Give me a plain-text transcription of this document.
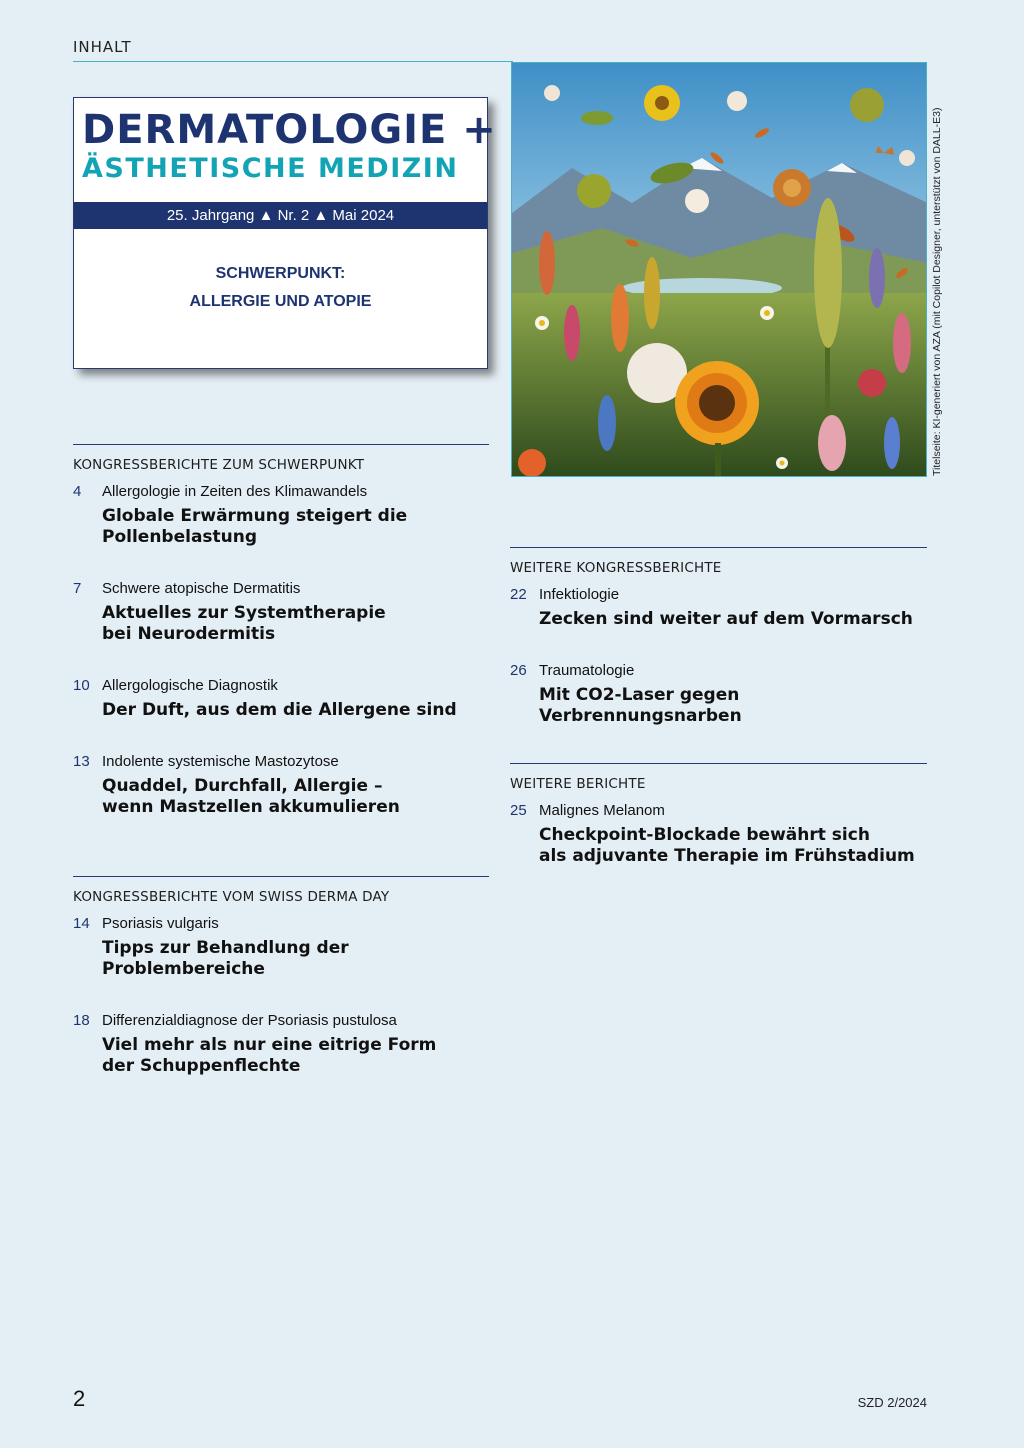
INHALT
DERMATOLOGIE +
ÄSTHETISCHE MEDIZIN
25. Jahrgang ▲ Nr. 2 ▲ Mai 2024
SCHWERPUNKT:
ALLERGIE UND ATOPIE	Titelseite: KI-generiert von AZA (mit Copilot Designer, unterstützt von DALL-E3)
KONGRESSBERICHTE ZUM SCHWERPUNKT
4 Allergologie in Zeiten des Klimawandels
Globale Erwärmung steigert die
Pollenbelastung
7 Schwere atopische Dermatitis
Aktuelles zur Systemtherapie
bei Neurodermitis
10 Allergologische Diagnostik
Der Duft, aus dem die Allergene sind
13 Indolente systemische Mastozytose
Quaddel, Durchfall, Allergie –
wenn Mastzellen akkumulieren
KONGRESSBERICHTE VOM SWISS DERMA DAY
14 Psoriasis vulgaris
Tipps zur Behandlung der Problembereiche
18 Differenzialdiagnose der Psoriasis pustulosa
Viel mehr als nur eine eitrige Form
der Schuppenflechte
WEITERE KONGRESSBERICHTE
22 Infektiologie
Zecken sind weiter auf dem Vormarsch
26 Traumatologie
Mit CO2-Laser gegen Verbrennungsnarben
WEITERE BERICHTE
25 Malignes Melanom
Checkpoint-Blockade bewährt sich
als adjuvante Therapie im Frühstadium
2	SZD 2/2024
